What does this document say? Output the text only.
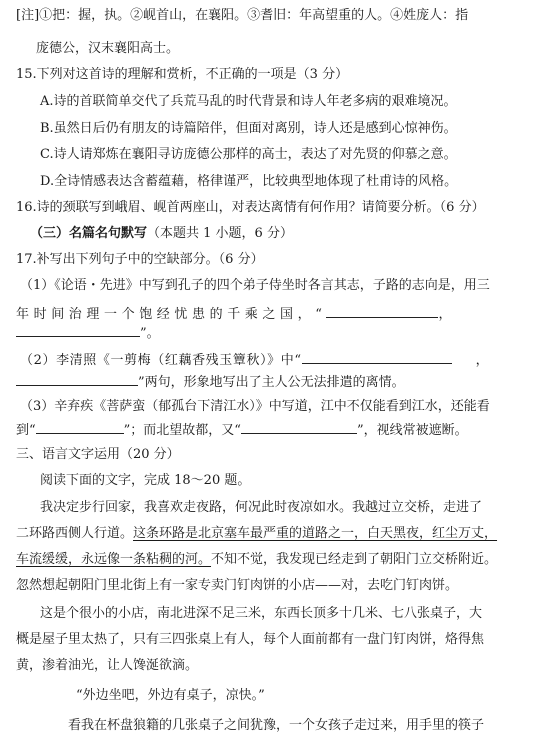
[注]①把：握，执。②岘首山，在襄阳。③耆旧：年高望重的人。④姓庞人：指
庞德公，汉末襄阳高士。
15.下列对这首诗的理解和赏析，不正确的一项是（3 分）
A.诗的首联简单交代了兵荒马乱的时代背景和诗人年老多病的艰难境况。
B.虽然日后仍有朋友的诗篇陪伴，但面对离别，诗人还是感到心惊神伤。
C.诗人请郑炼在襄阳寻访庞德公那样的高士，表达了对先贤的仰慕之意。
D.全诗情感表达含蓄蕴藉，格律谨严，比较典型地体现了杜甫诗的风格。
16.诗的颈联写到峨眉、岘首两座山，对表达离情有何作用？请简要分析。（6 分）
（三）名篇名句默写（本题共 1 小题，6 分）
17.补写出下列句子中的空缺部分。（6 分）
（1）《论语・先进》中写到孔子的四个弟子侍坐时各言其志，子路的志向是，用三
年时间治理一个饱经忧患的千乘之国，“	，
”。
（2）李清照《一剪梅（红藕香残玉簟秋）》中“	，
”两句，形象地写出了主人公无法排遣的离情。
（3）辛弃疾《菩萨蛮（郁孤台下清江水）》中写道，江中不仅能看到江水，还能看
到“	”；而北望故都，又“	”，视线常被遮断。
三、语言文字运用（20 分）
阅读下面的文字，完成 18～20 题。
我决定步行回家，我喜欢走夜路，何况此时夜凉如水。我越过立交桥，走进了
二环路西侧人行道。这条环路是北京塞车最严重的道路之一，白天黑夜，红尘万丈，
车流缓缓，永远像一条粘稠的河。不知不觉，我发现已经走到了朝阳门立交桥附近。
忽然想起朝阳门里北街上有一家专卖门钉肉饼的小店——对，去吃门钉肉饼。
这是个很小的小店，南北进深不足三米，东西长顶多十几米、七八张桌子，大
概是屋子里太热了，只有三四张桌上有人，每个人面前都有一盘门钉肉饼，烙得焦
黄，渗着油光，让人馋涎欲滴。
“外边坐吧，外边有桌子，凉快。”
看我在杯盘狼籍的几张桌子之间犹豫，一个女孩子走过来，用手里的筷子
